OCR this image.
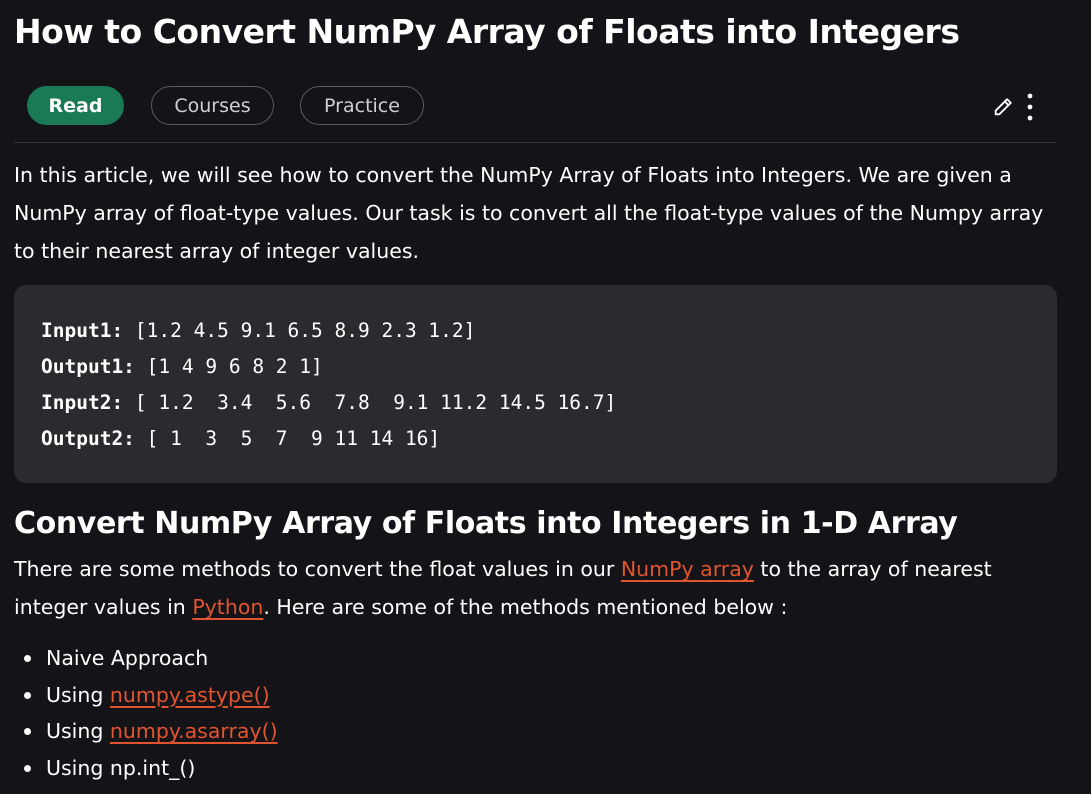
How to Convert NumPy Array of Floats into Integers
Read	Courses	Practice

In this article, we will see how to convert the NumPy Array of Floats into Integers. We are given a NumPy array of float-type values. Our task is to convert all the float-type values of the Numpy array to their nearest array of integer values.

Input1: [1.2 4.5 9.1 6.5 8.9 2.3 1.2]
Output1: [1 4 9 6 8 2 1]
Input2: [ 1.2  3.4  5.6  7.8  9.1 11.2 14.5 16.7]
Output2: [ 1  3  5  7  9 11 14 16]
Convert NumPy Array of Floats into Integers in 1-D Array

There are some methods to convert the float values in our NumPy array to the array of nearest integer values in Python. Here are some of the methods mentioned below :

Naive Approach
Using numpy.astype()
Using numpy.asarray()
Using np.int_()
